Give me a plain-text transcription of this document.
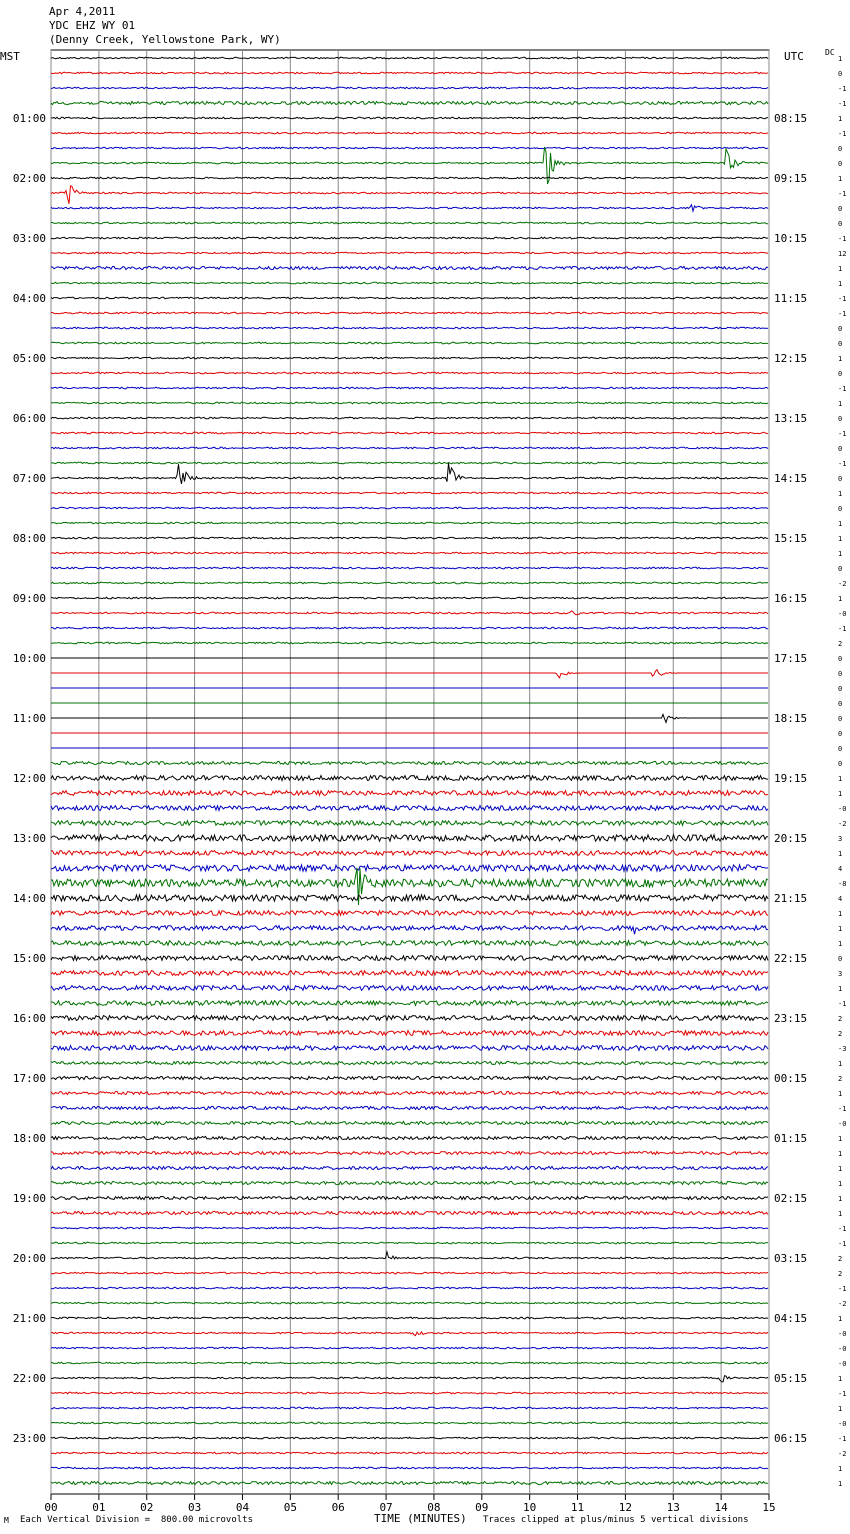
Apr 4,2011
YDC EHZ WY 01
(Denny Creek, Yellowstone Park, WY)
MST	UTC	DC
00	01	02	03	04	05	06	07	08	09	10	11	12	13	14	15
1
0
-1
-1
1
-1
0
0
1
-1
0
0
-1
12
1
1
-1
-1
0
0
1
0
-1
1
0
-1
0
-1
0
1
0
1
1
1
0
-2
1
-0
-1
2
0
0
0
0
0
0
0
0
1
1
-0
-2
3
1
4
-8
4
1
1
1
0
3
1
-1
2
2
-3
1
2
1
-1
-0
1
1
1
1
1
1
-1
-1
2
2
-1
-2
1
-0
-0
-0
1
-1
1
-0
-1
-2
1
1
01:00	08:15
02:00	09:15
03:00	10:15
04:00	11:15
05:00	12:15
06:00	13:15
07:00	14:15
08:00	15:15
09:00	16:15
10:00	17:15
11:00	18:15
12:00	19:15
13:00	20:15
14:00	21:15
15:00	22:15
16:00	23:15
17:00	00:15
18:00	01:15
19:00	02:15
20:00	03:15
21:00	04:15
22:00	05:15
23:00	06:15
M Each Vertical Division =  800.00 microvolts	TIME (MINUTES) Traces clipped at plus/minus 5 vertical divisions
